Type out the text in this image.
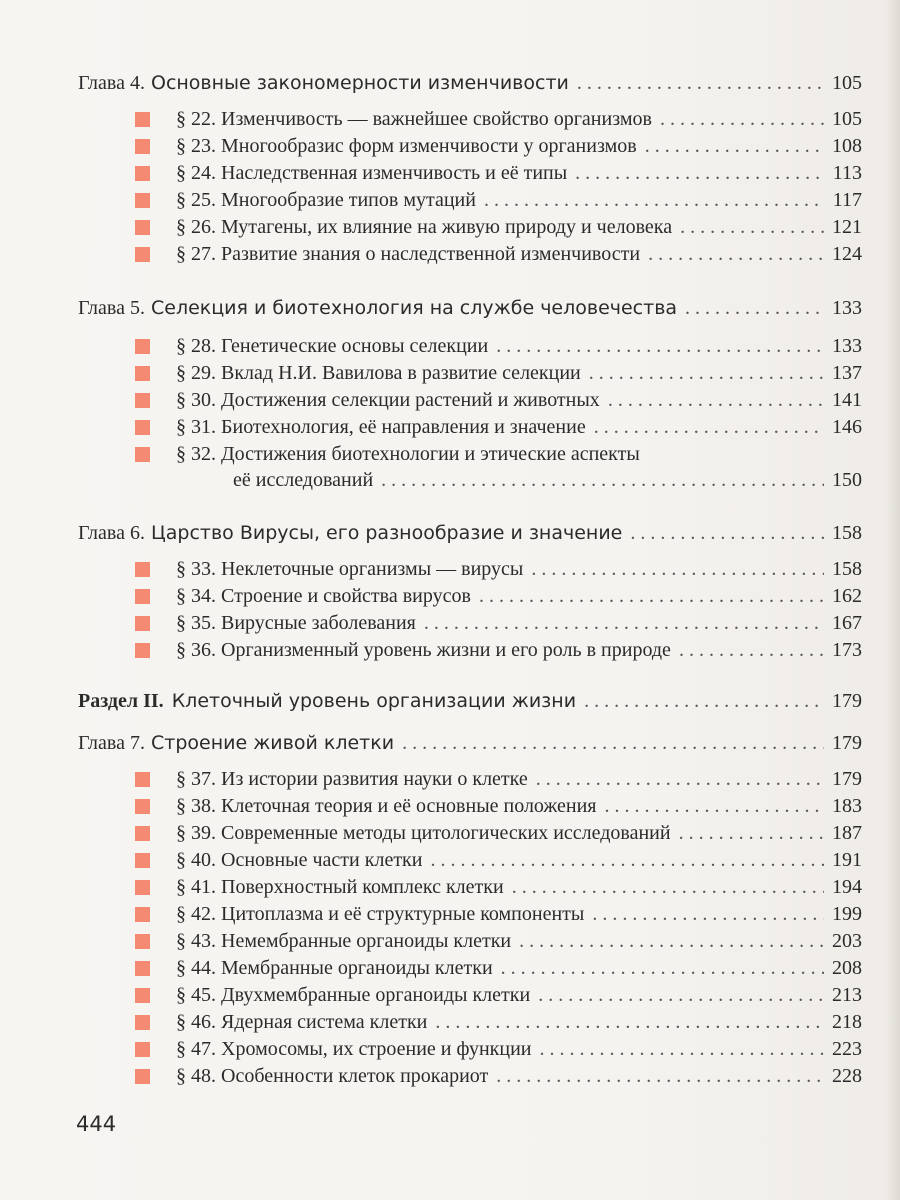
Глава 4. Основные закономерности изменчивости . . .	105
§ 22.
Изменчивость — важнейшее свойство организмов . . .	105
§ 23.
Многообразис форм изменчивости у организмов . . .	108
§ 24.
Наследственная изменчивость и её типы . . .	113
§ 25.
Многообразие типов мутаций . . .	117
§ 26.
Мутагены, их влияние на живую природу и человека . . .	121
§ 27.
Развитие знания о наследственной изменчивости . . .	124
Глава 5. Селекция и биотехнология на службе человечества . . .	133
§ 28.
Генетические основы селекции . . .	133
§ 29.
Вклад Н.И. Вавилова в развитие селекции . . .	137
§ 30.
Достижения селекции растений и животных . . .	141
§ 31.
Биотехнология, её направления и значение . . .	146
§ 32.
Достижения биотехнологии и этические аспекты
её исследований . . .	150
Глава 6. Царство Вирусы, его разнообразие и значение . . .	158
§ 33.
Неклеточные организмы — вирусы . . .	158
§ 34.
Строение и свойства вирусов . . .	162
§ 35.
Вирусные заболевания . . .	167
§ 36.
Организменный уровень жизни и его роль в природе . . .	173
Раздел II. Клеточный уровень организации жизни . . .	179
Глава 7. Строение живой клетки . . .	179
§ 37.
Из истории развития науки о клетке . . .	179
§ 38.
Клеточная теория и её основные положения . . .	183
§ 39.
Современные методы цитологических исследований . . .	187
§ 40.
Основные части клетки . . .	191
§ 41.
Поверхностный комплекс клетки . . .	194
§ 42.
Цитоплазма и её структурные компоненты . . .	199
§ 43.
Немембранные органоиды клетки . . .	203
§ 44.
Мембранные органоиды клетки . . .	208
§ 45.
Двухмембранные органоиды клетки . . .	213
§ 46.
Ядерная система клетки . . .	218
§ 47.
Хромосомы, их строение и функции . . .	223
§ 48.
Особенности клеток прокариот . . .	228
444
